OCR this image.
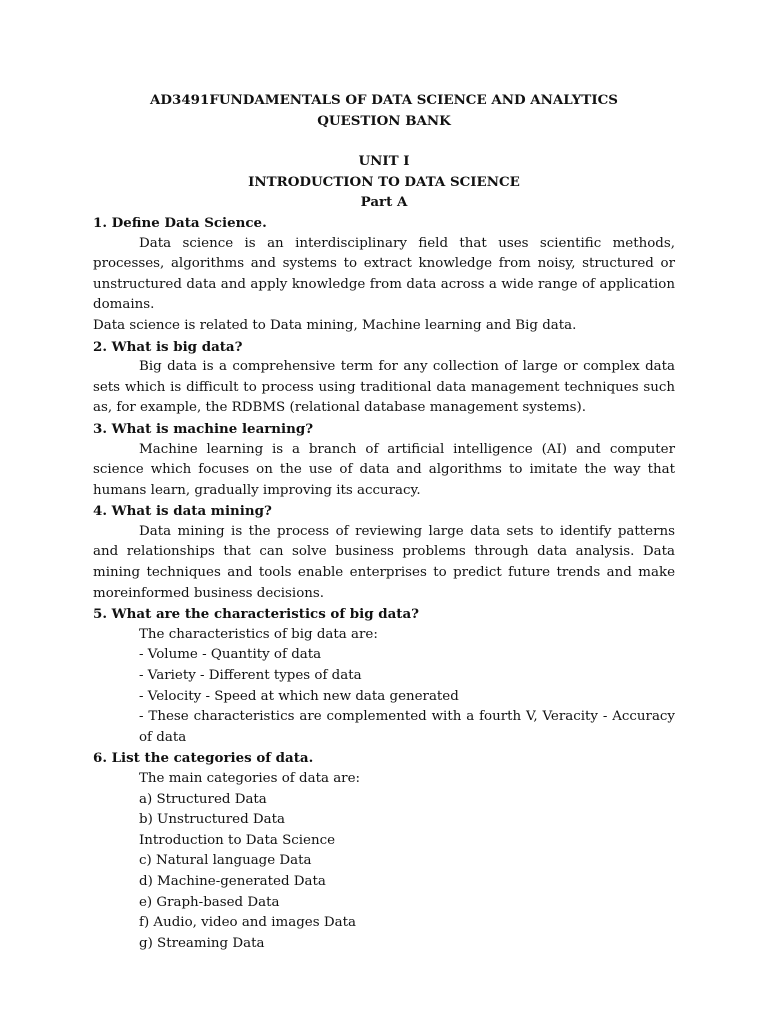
AD3491FUNDAMENTALS OF DATA SCIENCE AND ANALYTICS
QUESTION BANK
UNIT I
INTRODUCTION TO DATA SCIENCE
Part A

1. Define Data Science.

Data science is an interdisciplinary field that uses scientific methods, processes, algorithms and systems to extract knowledge from noisy, structured or unstructured data and apply knowledge from data across a wide range of application domains.

Data science is related to Data mining, Machine learning and Big data.

2. What is big data?

Big data is a comprehensive term for any collection of large or complex data sets which is difficult to process using traditional data management techniques such as, for example, the RDBMS (relational database management systems).

3. What is machine learning?

Machine learning is a branch of artificial intelligence (AI) and computer science which focuses on the use of data and algorithms to imitate the way that humans learn, gradually improving its accuracy.

4. What is data mining?

Data mining is the process of reviewing large data sets to identify patterns and relationships that can solve business problems through data analysis. Data mining techniques and tools enable enterprises to predict future trends and make moreinformed business decisions.

5. What are the characteristics of big data?

The characteristics of big data are:

- Volume - Quantity of data

- Variety - Different types of data

- Velocity - Speed at which new data generated

- These characteristics are complemented with a fourth V, Veracity - Accuracy of data

6. List the categories of data.

The main categories of data are:

a) Structured Data

b) Unstructured Data

Introduction to Data Science

c) Natural language Data

d) Machine-generated Data

e) Graph-based Data

f) Audio, video and images Data

g) Streaming Data
